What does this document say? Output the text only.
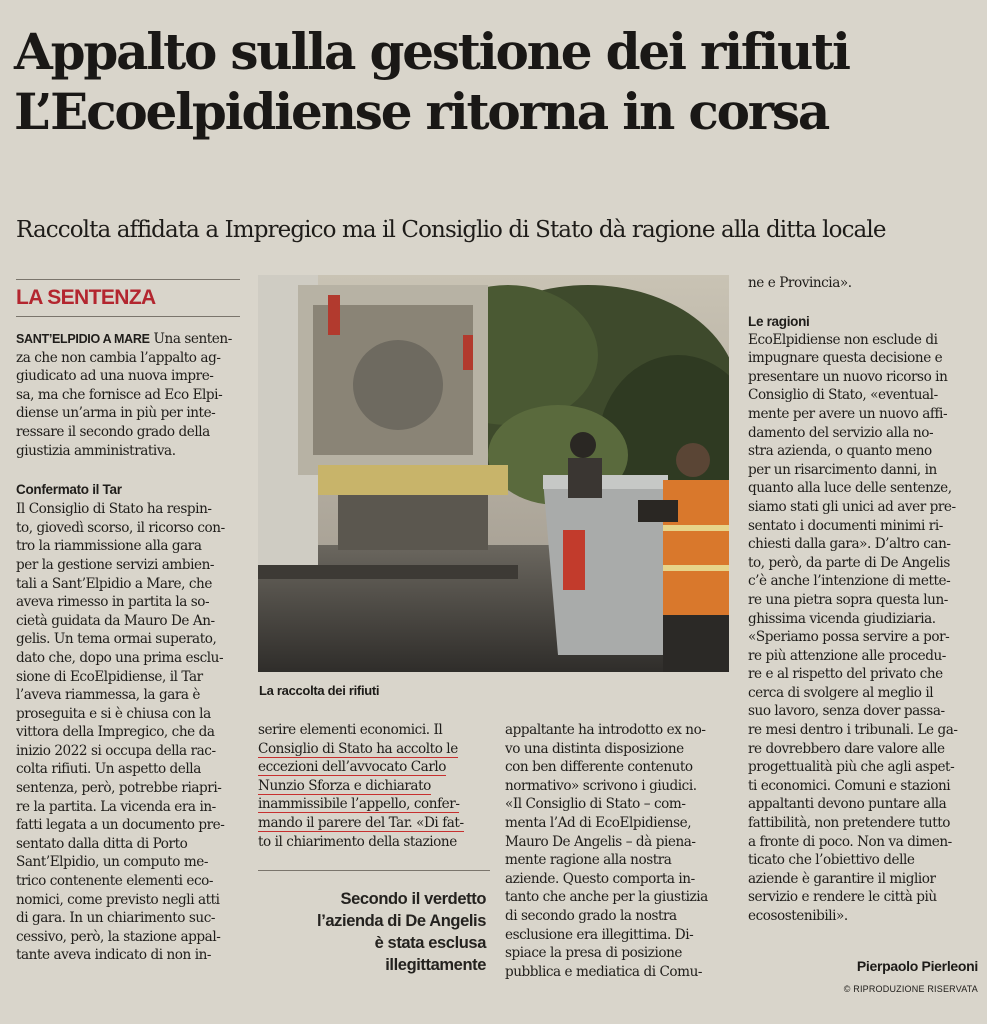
Appalto sulla gestione dei rifiuti
L’Ecoelpidiense ritorna in corsa
Raccolta affidata a Impregico ma il Consiglio di Stato dà ragione alla ditta locale
LA SENTENZA
SANT’ELPIDIO A MARE Una senten-
za che non cambia l’appalto ag-
giudicato ad una nuova impre-
sa, ma che fornisce ad Eco Elpi-
diense un’arma in più per inte-
ressare il secondo grado della
giustizia amministrativa.
Confermato il Tar
Il Consiglio di Stato ha respin-
to, giovedì scorso, il ricorso con-
tro la riammissione alla gara
per la gestione servizi ambien-
tali a Sant’Elpidio a Mare, che
aveva rimesso in partita la so-
cietà guidata da Mauro De An-
gelis. Un tema ormai superato,
dato che, dopo una prima esclu-
sione di EcoElpidiense, il Tar
l’aveva riammessa, la gara è
proseguita e si è chiusa con la
vittora della Impregico, che da
inizio 2022 si occupa della rac-
colta rifiuti. Un aspetto della
sentenza, però, potrebbe riapri-
re la partita. La vicenda era in-
fatti legata a un documento pre-
sentato dalla ditta di Porto
Sant’Elpidio, un computo me-
trico contenente elementi eco-
nomici, come previsto negli atti
di gara. In un chiarimento suc-
cessivo, però, la stazione appal-
tante aveva indicato di non in-
La raccolta dei rifiuti
serire elementi economici. Il
Consiglio di Stato ha accolto le
eccezioni dell’avvocato Carlo
Nunzio Sforza e dichiarato
inammissibile l’appello, confer-
mando il parere del Tar. «Di fat-
to il chiarimento della stazione
Secondo il verdetto
l’azienda di De Angelis
è stata esclusa
illegittamente
appaltante ha introdotto ex no-
vo una distinta disposizione
con ben differente contenuto
normativo» scrivono i giudici.
«Il Consiglio di Stato – com-
menta l’Ad di EcoElpidiense,
Mauro De Angelis – dà piena-
mente ragione alla nostra
aziende. Questo comporta in-
tanto che anche per la giustizia
di secondo grado la nostra
esclusione era illegittima. Di-
spiace la presa di posizione
pubblica e mediatica di Comu-
ne e Provincia».
Le ragioni
EcoElpidiense non esclude di
impugnare questa decisione e
presentare un nuovo ricorso in
Consiglio di Stato, «eventual-
mente per avere un nuovo affi-
damento del servizio alla no-
stra azienda, o quanto meno
per un risarcimento danni, in
quanto alla luce delle sentenze,
siamo stati gli unici ad aver pre-
sentato i documenti minimi ri-
chiesti dalla gara». D’altro can-
to, però, da parte di De Angelis
c’è anche l’intenzione di mette-
re una pietra sopra questa lun-
ghissima vicenda giudiziaria.
«Speriamo possa servire a por-
re più attenzione alle procedu-
re e al rispetto del privato che
cerca di svolgere al meglio il
suo lavoro, senza dover passa-
re mesi dentro i tribunali. Le ga-
re dovrebbero dare valore alle
progettualità più che agli aspet-
ti economici. Comuni e stazioni
appaltanti devono puntare alla
fattibilità, non pretendere tutto
a fronte di poco. Non va dimen-
ticato che l’obiettivo delle
aziende è garantire il miglior
servizio e rendere le città più
ecosostenibili».
Pierpaolo Pierleoni
© RIPRODUZIONE RISERVATA
